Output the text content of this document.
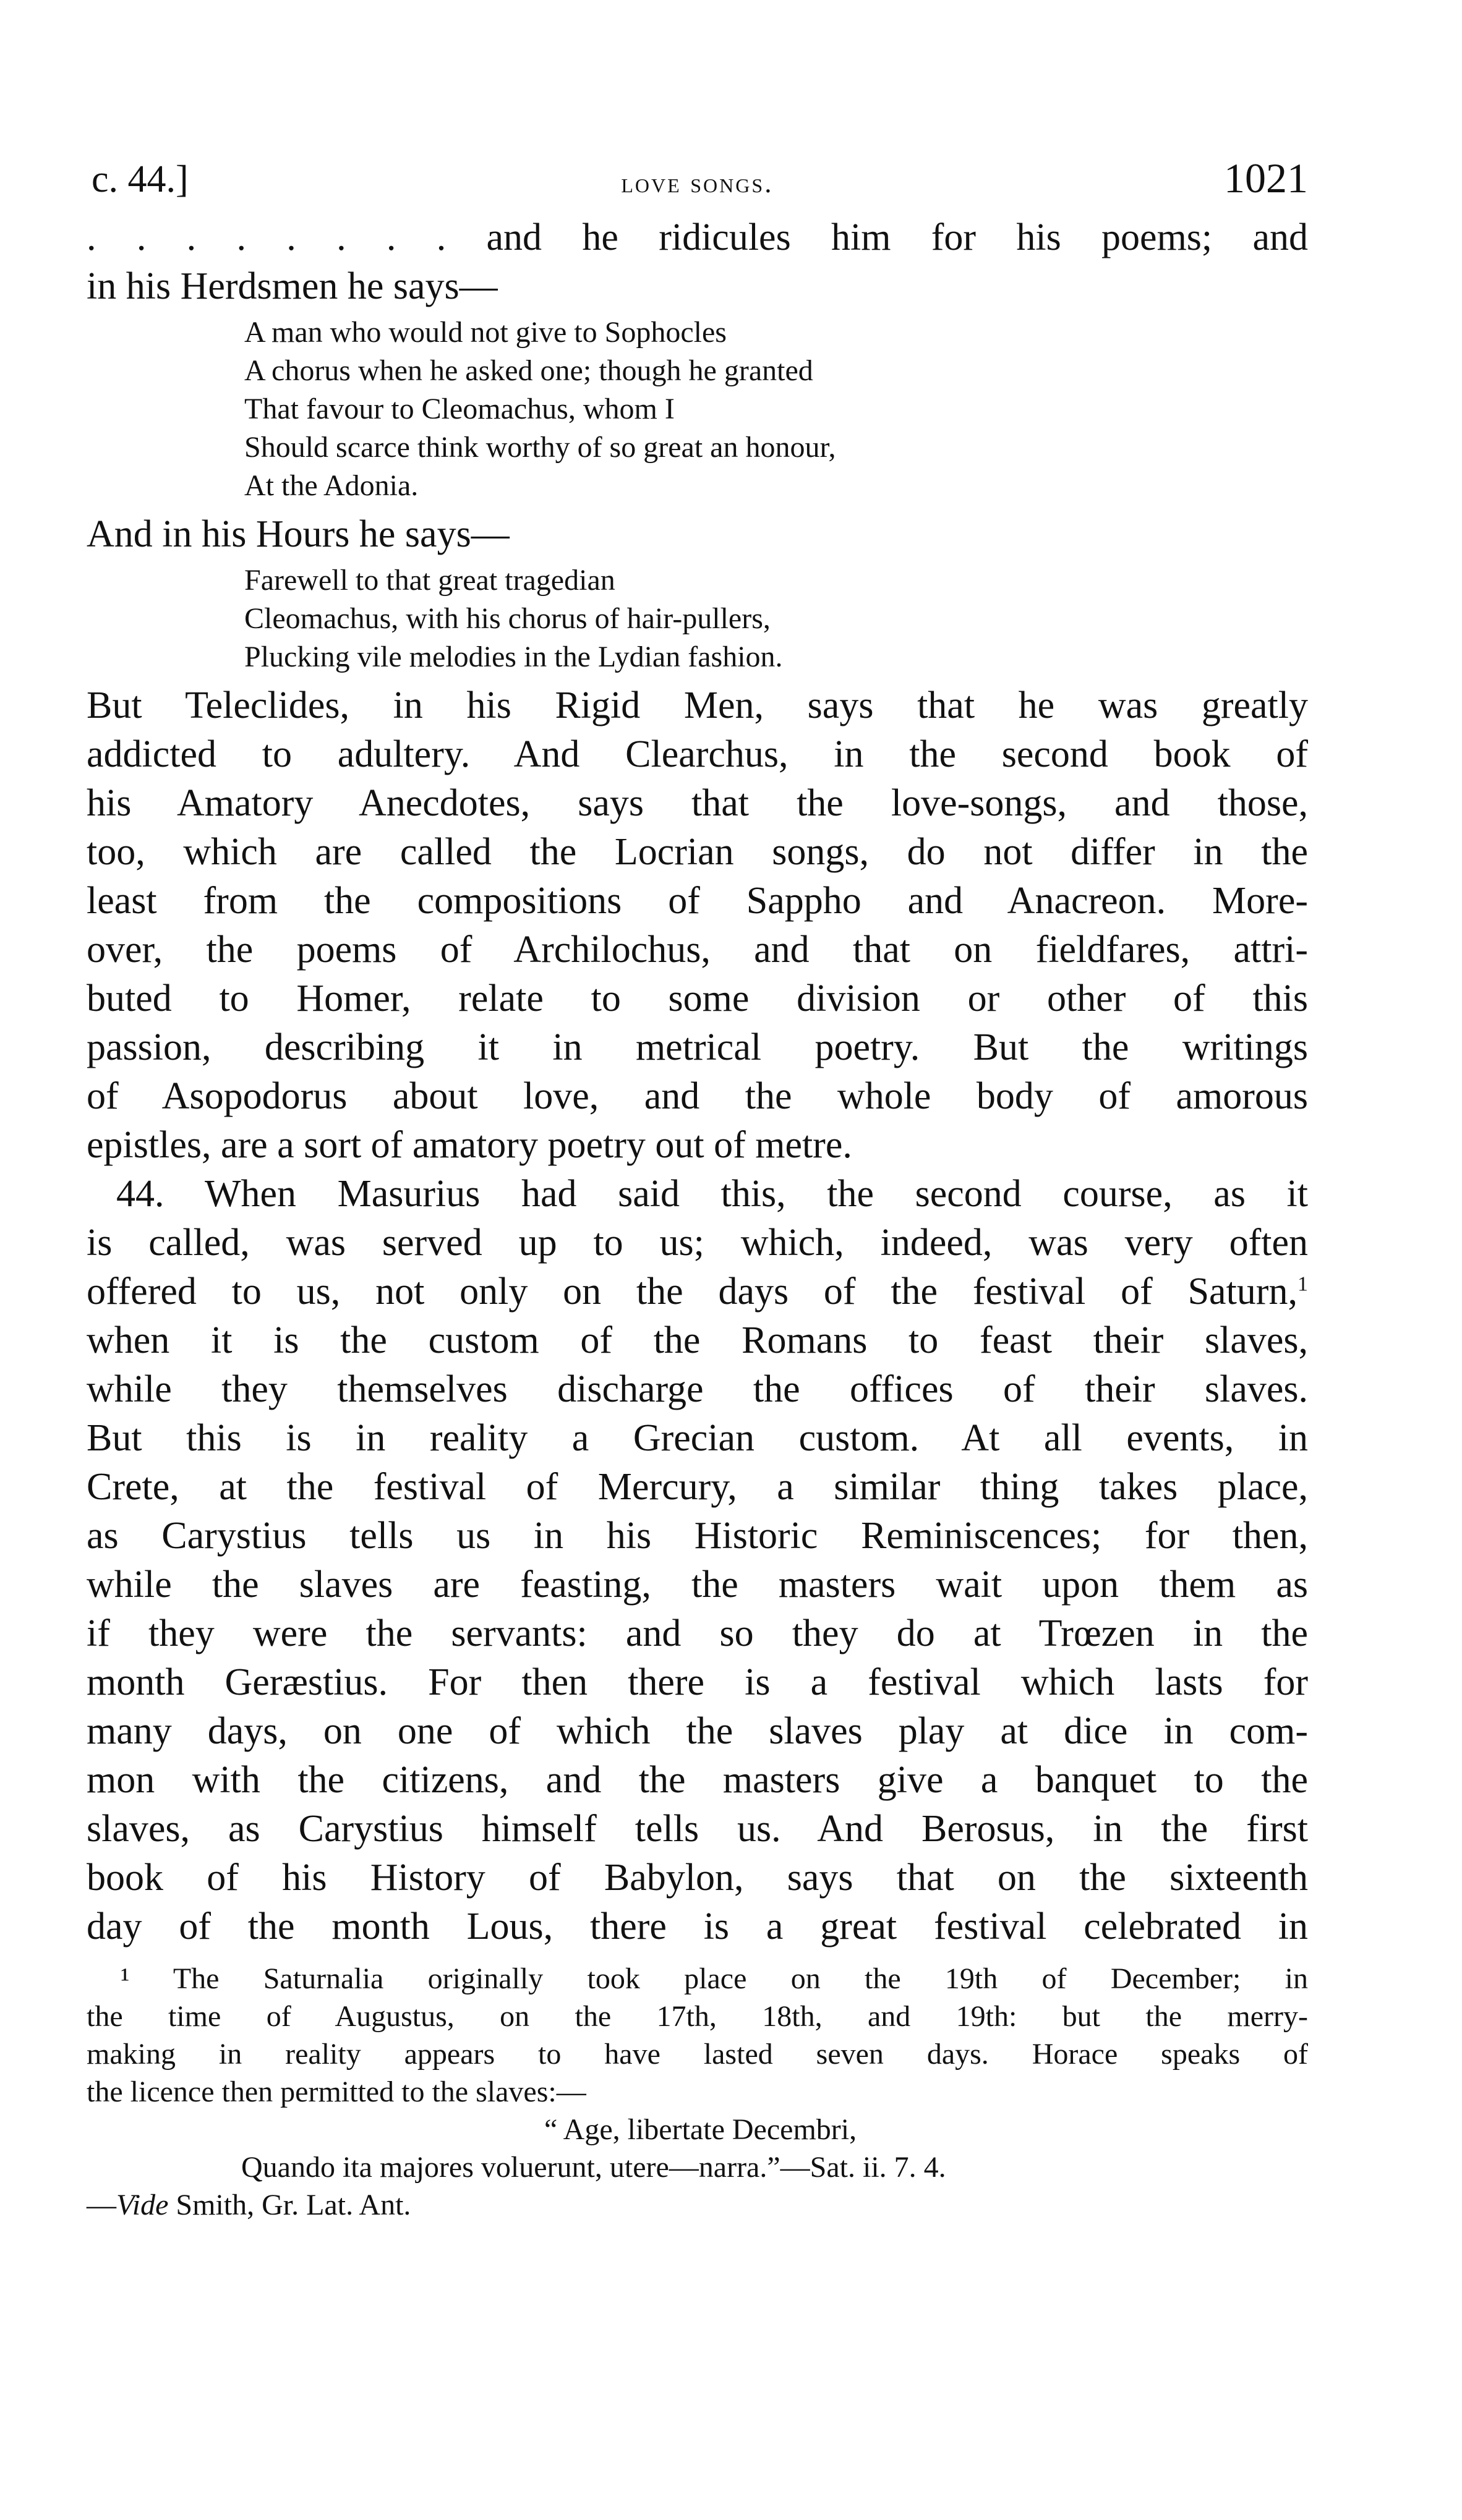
c. 44.]	love songs.	1021
. . . . . . . . and he ridicules him for his poems; and
in his Herdsmen he says—
A man who would not give to Sophocles
A chorus when he asked one; though he granted
That favour to Cleomachus, whom I
Should scarce think worthy of so great an honour,
At the Adonia.
And in his Hours he says—
Farewell to that great tragedian
Cleomachus, with his chorus of hair-pullers,
Plucking vile melodies in the Lydian fashion.
But Teleclides, in his Rigid Men, says that he was greatly
addicted to adultery. And Clearchus, in the second book of
his Amatory Anecdotes, says that the love-songs, and those,
too, which are called the Locrian songs, do not differ in the
least from the compositions of Sappho and Anacreon. More-
over, the poems of Archilochus, and that on fieldfares, attri-
buted to Homer, relate to some division or other of this
passion, describing it in metrical poetry. But the writings
of Asopodorus about love, and the whole body of amorous
epistles, are a sort of amatory poetry out of metre.
44. When Masurius had said this, the second course, as it
is called, was served up to us; which, indeed, was very often
offered to us, not only on the days of the festival of Saturn,$^1$
when it is the custom of the Romans to feast their slaves,
while they themselves discharge the offices of their slaves.
But this is in reality a Grecian custom. At all events, in
Crete, at the festival of Mercury, a similar thing takes place,
as Carystius tells us in his Historic Reminiscences; for then,
while the slaves are feasting, the masters wait upon them as
if they were the servants: and so they do at Trœzen in the
month Geræstius. For then there is a festival which lasts for
many days, on one of which the slaves play at dice in com-
mon with the citizens, and the masters give a banquet to the
slaves, as Carystius himself tells us. And Berosus, in the first
book of his History of Babylon, says that on the sixteenth
day of the month Lous, there is a great festival celebrated in
¹ The Saturnalia originally took place on the 19th of December; in
the time of Augustus, on the 17th, 18th, and 19th: but the merry-
making in reality appears to have lasted seven days. Horace speaks of
the licence then permitted to the slaves:—
“ Age, libertate Decembri,
Quando ita majores voluerunt, utere—narra.”—Sat. ii. 7. 4.
—Vide Smith, Gr. Lat. Ant.
